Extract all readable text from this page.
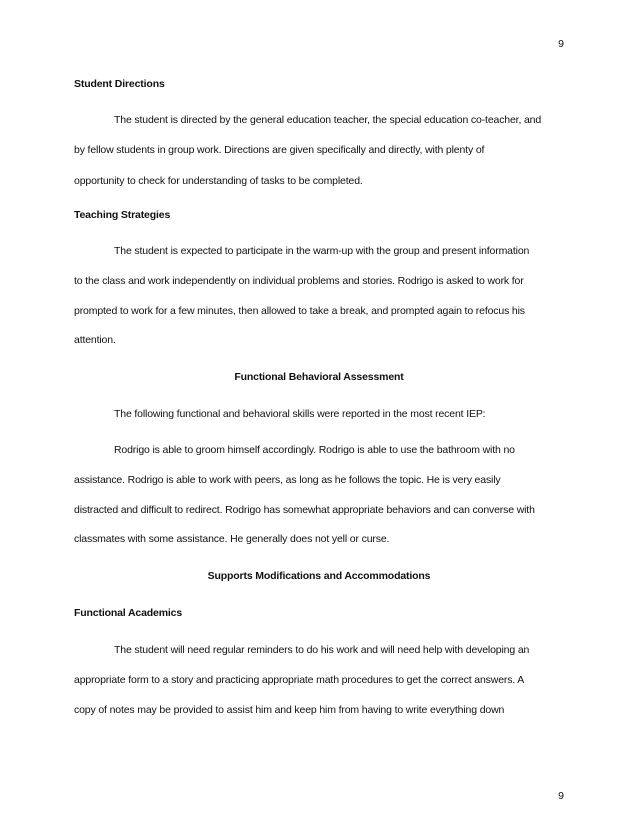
9
Student Directions
The student is directed by the general education teacher, the special education co-teacher, and
by fellow students in group work. Directions are given specifically and directly, with plenty of
opportunity to check for understanding of tasks to be completed.
Teaching Strategies
The student is expected to participate in the warm-up with the group and present information
to the class and work independently on individual problems and stories. Rodrigo is asked to work for
prompted to work for a few minutes, then allowed to take a break, and prompted again to refocus his
attention.
Functional Behavioral Assessment
The following functional and behavioral skills were reported in the most recent IEP:
Rodrigo is able to groom himself accordingly. Rodrigo is able to use the bathroom with no
assistance. Rodrigo is able to work with peers, as long as he follows the topic. He is very easily
distracted and difficult to redirect. Rodrigo has somewhat appropriate behaviors and can converse with
classmates with some assistance. He generally does not yell or curse.
Supports Modifications and Accommodations
Functional Academics
The student will need regular reminders to do his work and will need help with developing an
appropriate form to a story and practicing appropriate math procedures to get the correct answers. A
copy of notes may be provided to assist him and keep him from having to write everything down
9
